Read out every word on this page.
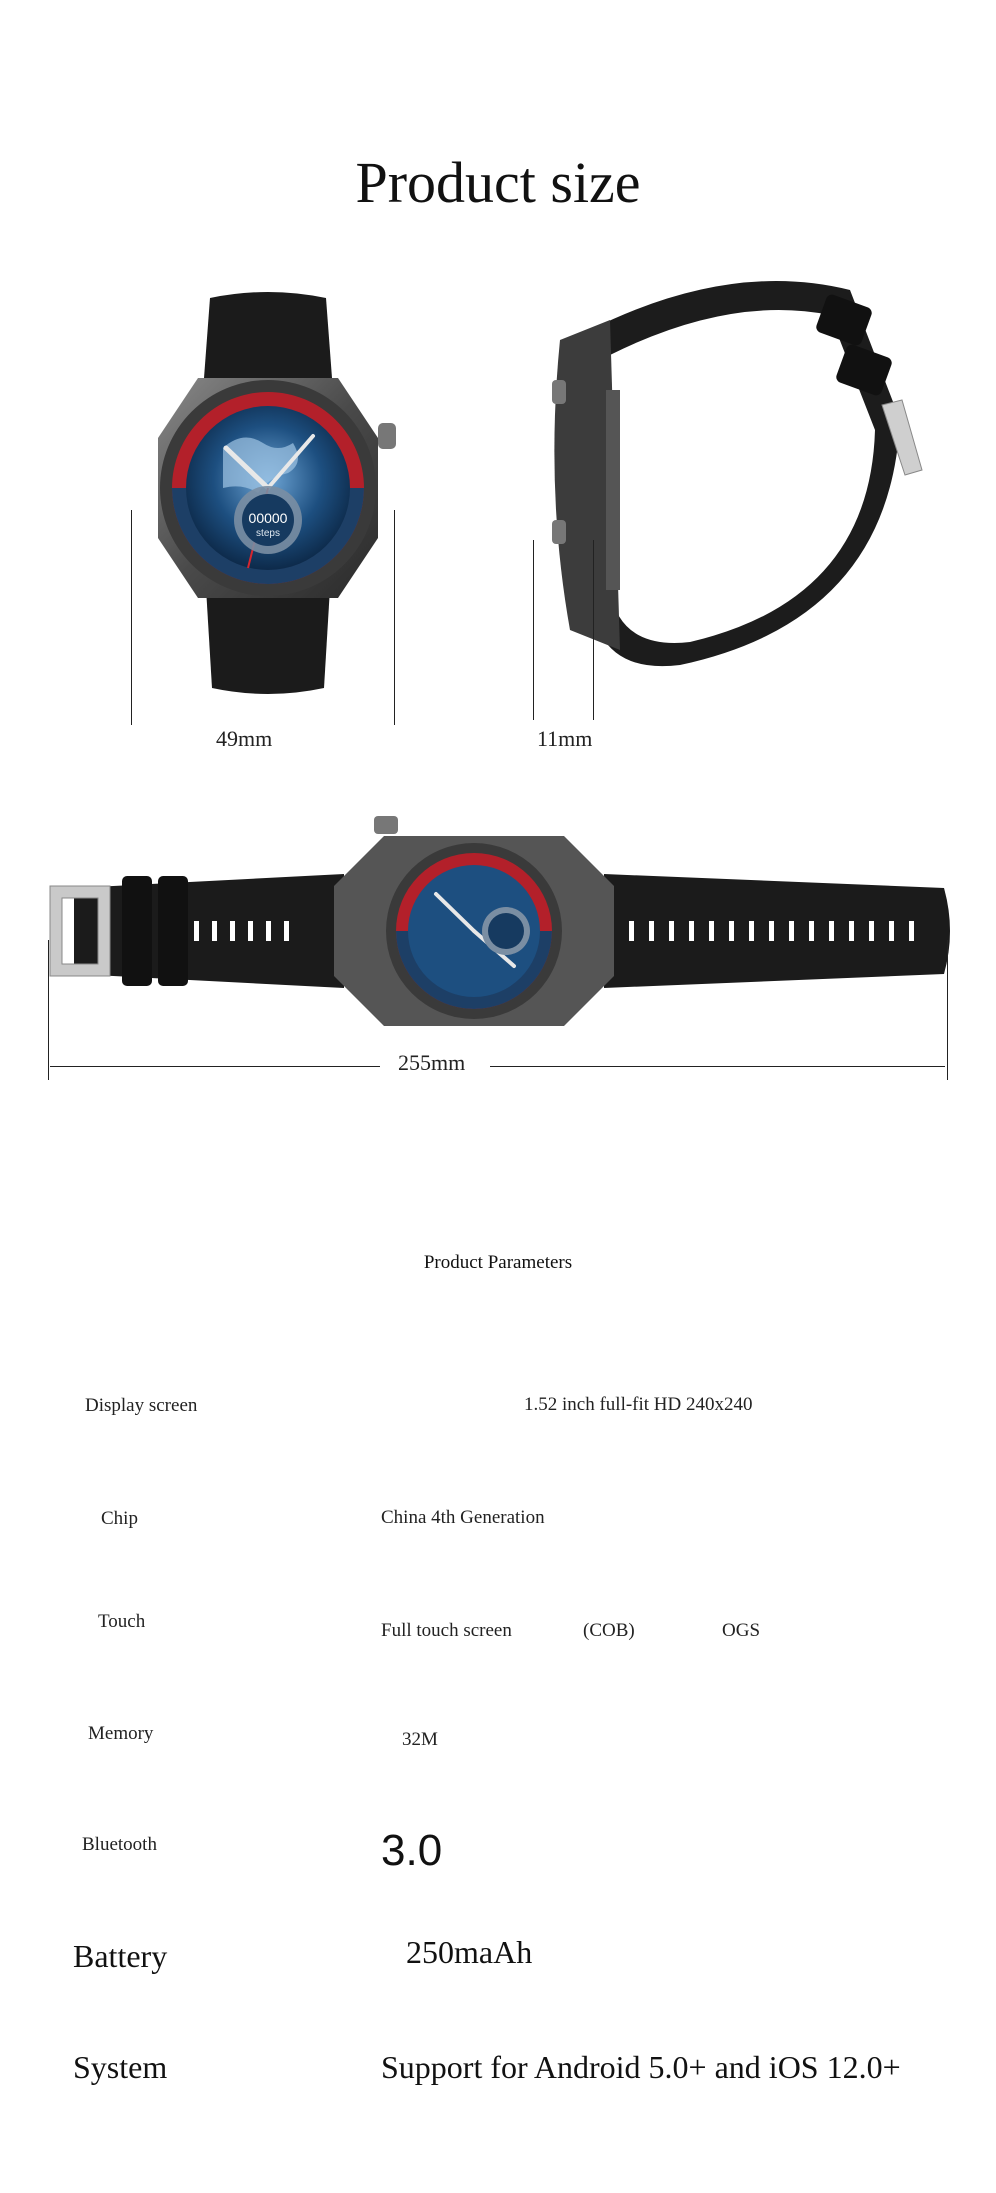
Product size
00000
steps
49mm	11mm
255mm
Product Parameters
Display screen	1.52 inch full-fit HD 240x240
Chip	China 4th Generation
Touch	Full touch screen	(COB)	OGS
Memory	32M
Bluetooth	3.0
Battery	250maAh
System	Support for Android 5.0+ and iOS 12.0+
